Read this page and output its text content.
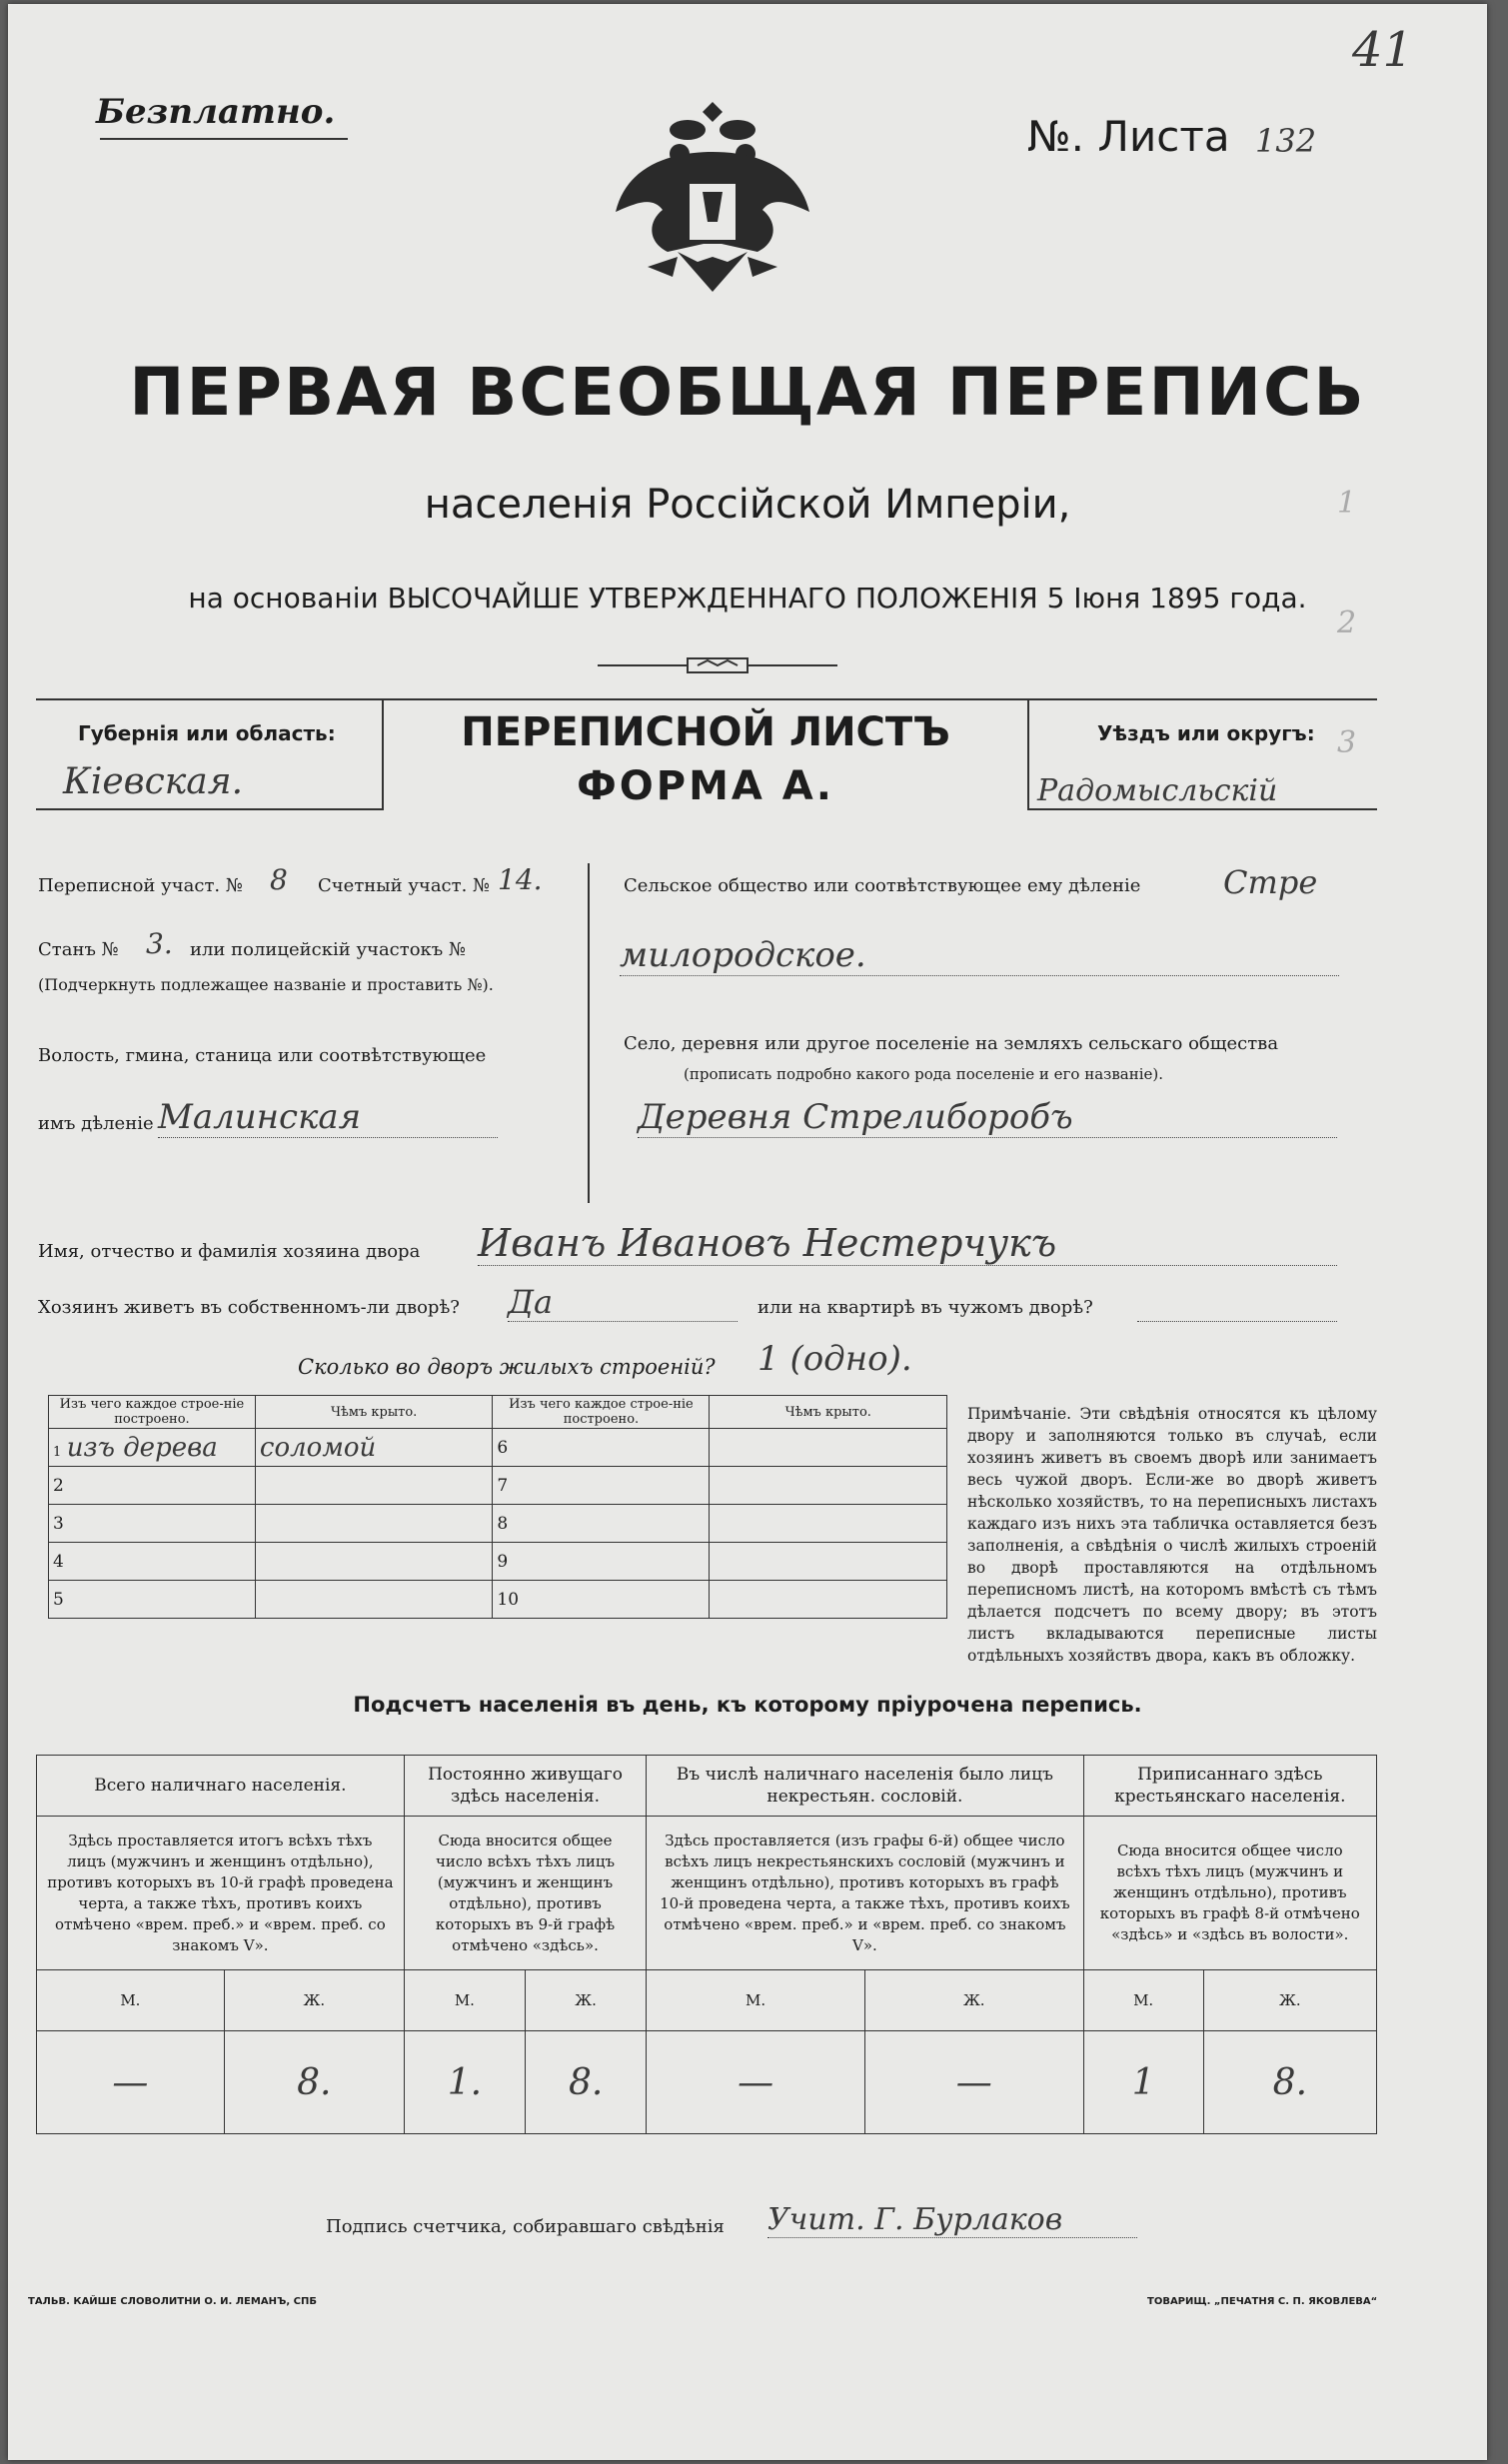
1
2
3
Безплатно.	№. Листа 132
41
ПЕРВАЯ ВСЕОБЩАЯ ПЕРЕПИСЬ
населенія Россійской Имперіи,
на основаніи ВЫСОЧАЙШЕ УТВЕРЖДЕННАГО ПОЛОЖЕНІЯ 5 Іюня 1895 года.
Губернія или область:
Кіевская.
ПЕРЕПИСНОЙ ЛИСТЪ
ФОРМА А.
Уѣздъ или округъ:
Радомысльскій
Переписной участ. № 8 Счетный участ. № 14.
Станъ № 3. или полицейскій участокъ №
(Подчеркнуть подлежащее названіе и проставить №).
Волость, гмина, станица или соотвѣтствующее
имъ дѣленіе Малинская
Сельское общество или соотвѣтствующее ему дѣленіе	Стре
милородское.
Село, деревня или другое поселеніе на земляхъ сельскаго общества
(прописать подробно какого рода поселеніе и его названіе).
Деревня Стрелиборобъ
Имя, отчество и фамилія хозяина двора Иванъ Ивановъ Нестерчукъ
Хозяинъ живетъ въ собственномъ-ли дворѣ? Да	или на квартирѣ въ чужомъ дворѣ?
Сколько во дворъ жилыхъ строеній? 1 (одно).
Изъ чего каждое строе-ніе построено.	Чѣмъ крыто.	Изъ чего каждое строе-ніе построено.	Чѣмъ крыто.
1 изъ дерева	соломой	6	
2		7	
3		8	
4		9	
5		10	
Примѣчаніе. Эти свѣдѣнія относятся къ цѣлому двору и заполняются только въ случаѣ, если хозяинъ живетъ въ своемъ дворѣ или занимаетъ весь чужой дворъ. Если-же во дворѣ живетъ нѣсколько хозяйствъ, то на переписныхъ листахъ каждаго изъ нихъ эта табличка оставляется безъ заполненія, а свѣдѣнія о числѣ жилыхъ строеній во дворѣ проставляются на отдѣльномъ переписномъ листѣ, на которомъ вмѣстѣ съ тѣмъ дѣлается подсчетъ по всему двору; въ этотъ листъ вкладываются переписные листы отдѣльныхъ хозяйствъ двора, какъ въ обложку.
Подсчетъ населенія въ день, къ которому пріурочена перепись.
Всего наличнаго населенія.		Постоянно живущаго здѣсь населенія.		Въ числѣ наличнаго населенія было лицъ некрестьян. сословій.		Приписаннаго здѣсь крестьянскаго населенія.	
Здѣсь проставляется итогъ всѣхъ тѣхъ лицъ (мужчинъ и женщинъ отдѣльно), противъ которыхъ въ 10-й графѣ проведена черта, а также тѣхъ, противъ коихъ отмѣчено «врем. преб.» и «врем. преб. со знакомъ V».		Сюда вносится общее число всѣхъ тѣхъ лицъ (мужчинъ и женщинъ отдѣльно), противъ которыхъ въ 9-й графѣ отмѣчено «здѣсь».		Здѣсь проставляется (изъ графы 6-й) общее число всѣхъ лицъ некрестьянскихъ сословій (мужчинъ и женщинъ отдѣльно), противъ которыхъ въ графѣ 10-й проведена черта, а также тѣхъ, противъ коихъ отмѣчено «врем. преб.» и «врем. преб. со знакомъ V».		Сюда вносится общее число всѣхъ тѣхъ лицъ (мужчинъ и женщинъ отдѣльно), противъ которыхъ въ графѣ 8-й отмѣчено «здѣсь» и «здѣсь въ волости».	
М.	Ж.	М.	Ж.	М.	Ж.	М.	Ж.
—	8.	1.	8.	—	—	1	8.
Подпись счетчика, собиравшаго свѣдѣнія Учит. Г. Бурлаков
ТАЛЬВ. КАЙШЕ СЛОВОЛИТНИ О. И. ЛЕМАНЪ, СПБ	ТОВАРИЩ. „ПЕЧАТНЯ С. П. ЯКОВЛЕВА“
